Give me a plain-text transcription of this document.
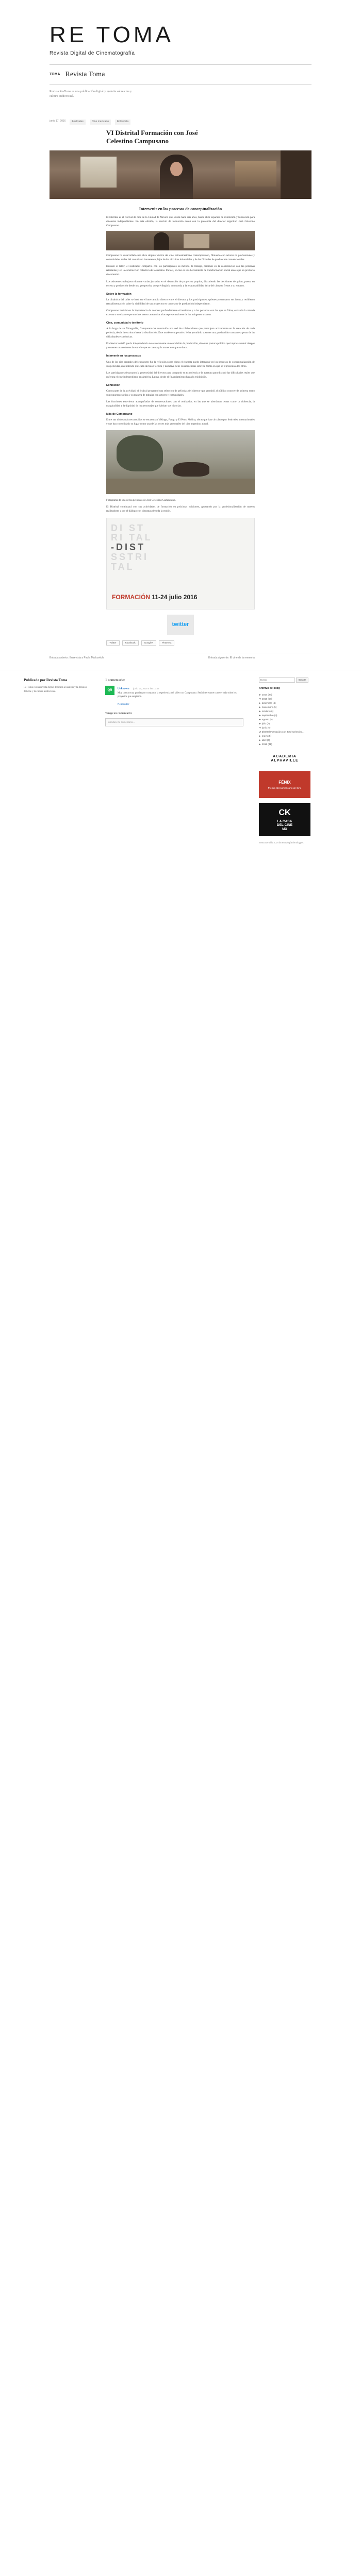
RE TOMA
Revista Digital de Cinematografía
TOMA Revista Toma

Revista Re-Toma es una publicación digital y gratuita sobre cine y cultura audiovisual.

junio 17, 2016	Festivales	Cine mexicano	Entrevista
VI Distrital Formación con José Celestino Campusano
Intervenir en los procesos de conceptualización

El Distrital es el festival de cine de la Ciudad de México que, desde hace seis años, busca abrir espacios de exhibición y formación para cineastas independientes. En esta edición, la sección de formación contó con la presencia del director argentino José Celestino Campusano.

Campusano ha desarrollado una obra singular dentro del cine latinoamericano contemporáneo, filmando con actores no profesionales y comunidades reales del conurbano bonaerense, lejos de los circuitos industriales y de las fórmulas de producción convencionales.

Durante el taller, el realizador compartió con los participantes su método de trabajo, centrado en la colaboración con las personas retratadas y en la construcción colectiva de los relatos. Para él, el cine es una herramienta de transformación social antes que un producto de consumo.

Los asistentes trabajaron durante varias jornadas en el desarrollo de proyectos propios, discutiendo las decisiones de guion, puesta en escena y producción desde una perspectiva que privilegia la autonomía y la responsabilidad ética del cineasta frente a su entorno.

Sobre la formación

La dinámica del taller se basó en el intercambio directo entre el director y los participantes, quienes presentaron sus ideas y recibieron retroalimentación sobre la viabilidad de sus proyectos en contextos de producción independiente.

Campusano insistió en la importancia de conocer profundamente el territorio y a las personas con las que se filma, evitando la mirada externa o exotizante que muchas veces caracteriza a las representaciones de los márgenes urbanos.

Cine, comunidad y territorio

A lo largo de su filmografía, Campusano ha construido una red de colaboradores que participan activamente en la creación de cada película, desde la escritura hasta la distribución. Este modelo cooperativo le ha permitido sostener una producción constante a pesar de las dificultades económicas.

El director señaló que la independencia no es solamente una condición de producción, sino una postura política que implica asumir riesgos y sostener una coherencia entre lo que se cuenta y la manera en que se hace.

Intervenir en los procesos

Uno de los ejes centrales del encuentro fue la reflexión sobre cómo el cineasta puede intervenir en los procesos de conceptualización de sus películas, entendiendo que cada decisión técnica y narrativa tiene consecuencias sobre la forma en que se representa a los otros.

Los participantes destacaron la generosidad del director para compartir su experiencia y la apertura para discutir las dificultades reales que enfrenta el cine independiente en América Latina, desde el financiamiento hasta la exhibición.

Exhibición

Como parte de la actividad, el festival programó una selección de películas del director que permitió al público conocer de primera mano su propuesta estética y su manera de trabajar con actores y comunidades.

Las funciones estuvieron acompañadas de conversaciones con el realizador, en las que se abordaron temas como la violencia, la marginalidad y la dignidad de los personajes que habitan sus historias.

Más de Campusano

Entre sus títulos más reconocidos se encuentran Vikingo, Fango y El Perro Molina, obras que han circulado por festivales internacionales y que han consolidado su lugar como una de las voces más personales del cine argentino actual.

Fotograma de una de las películas de José Celestino Campusano.

El Distrital continuará con sus actividades de formación en próximas ediciones, apostando por la profesionalización de nuevos realizadores y por el diálogo con cineastas de toda la región.

DI ST
RI TAL
-DIST
SSTRI
TAL
FORMACIÓN 11-24 julio 2016
twitter
Twitter	Facebook	Google+	Pinterest
Entrada anterior: Entrevista a Paula Markovitch	Entrada siguiente: El cine de la memoria
Publicado por Revista Toma
Re-Toma es una revista digital dedicada al análisis y la difusión del cine y la cultura audiovisual.
1 comentario:
QR	Unknown junio 19, 2016 a las 10:42
Muy buena nota, gracias por compartir la experiencia del taller con Campusano. Sería interesante conocer más sobre los proyectos que surgieron.
Responder
Tengo un comentario:
Introduce tu comentario...
Buscar
Buscar
Archivo del blog
► 2017 (24)
▼ 2016 (58)
► diciembre (4)
► noviembre (5)
► octubre (6)
► septiembre (4)
► agosto (5)
► julio (7)
▼ junio (6)
VI Distrital Formación con José Celestino...
► mayo (5)
► abril (4)
► 2015 (41)
ACADEMIA
ALPHAVILLE
FÉNIX
Premio Iberoamericano de Cine
CK
LA CASA
DEL CINE
MX
Tema Sencillo. Con la tecnología de Blogger.
